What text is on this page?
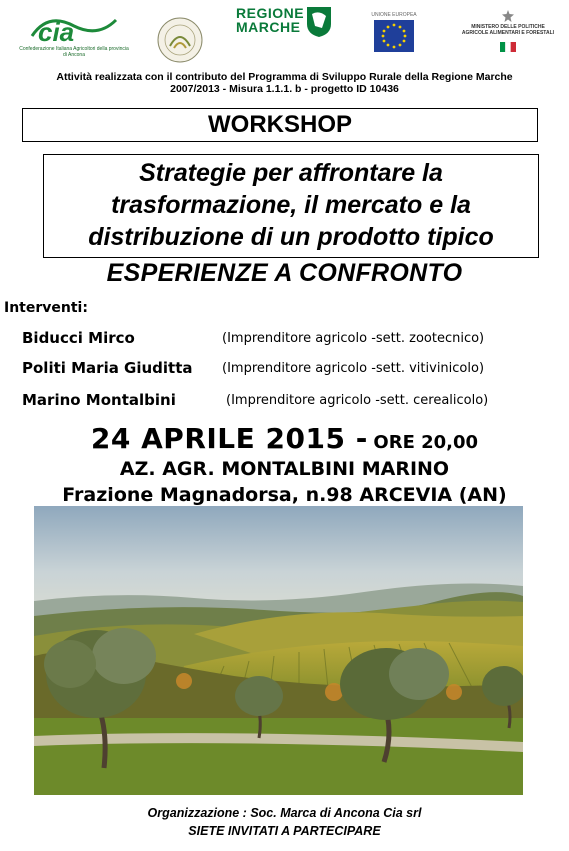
cia
Confederazione Italiana Agricoltori della provincia di Ancona
REGIONE MARCHE
UNIONE EUROPEA
MINISTERO DELLE POLITICHE AGRICOLE ALIMENTARI E FORESTALI
Attività realizzata con il contributo del Programma di Sviluppo Rurale della Regione Marche
2007/2013 - Misura 1.1.1. b - progetto ID 10436
WORKSHOP
Strategie per affrontare la
trasformazione, il mercato e la
distribuzione di un prodotto tipico
ESPERIENZE A CONFRONTO
Interventi:
Biducci Mirco	(Imprenditore agricolo -sett. zootecnico)
Politi Maria Giuditta (Imprenditore agricolo -sett. vitivinicolo)
Marino Montalbini	(Imprenditore agricolo -sett. cerealicolo)
24 APRILE 2015 - ORE 20,00
AZ. AGR. MONTALBINI MARINO
Frazione Magnadorsa, n.98 ARCEVIA (AN)
Organizzazione : Soc. Marca di Ancona Cia srl
SIETE INVITATI A PARTECIPARE
